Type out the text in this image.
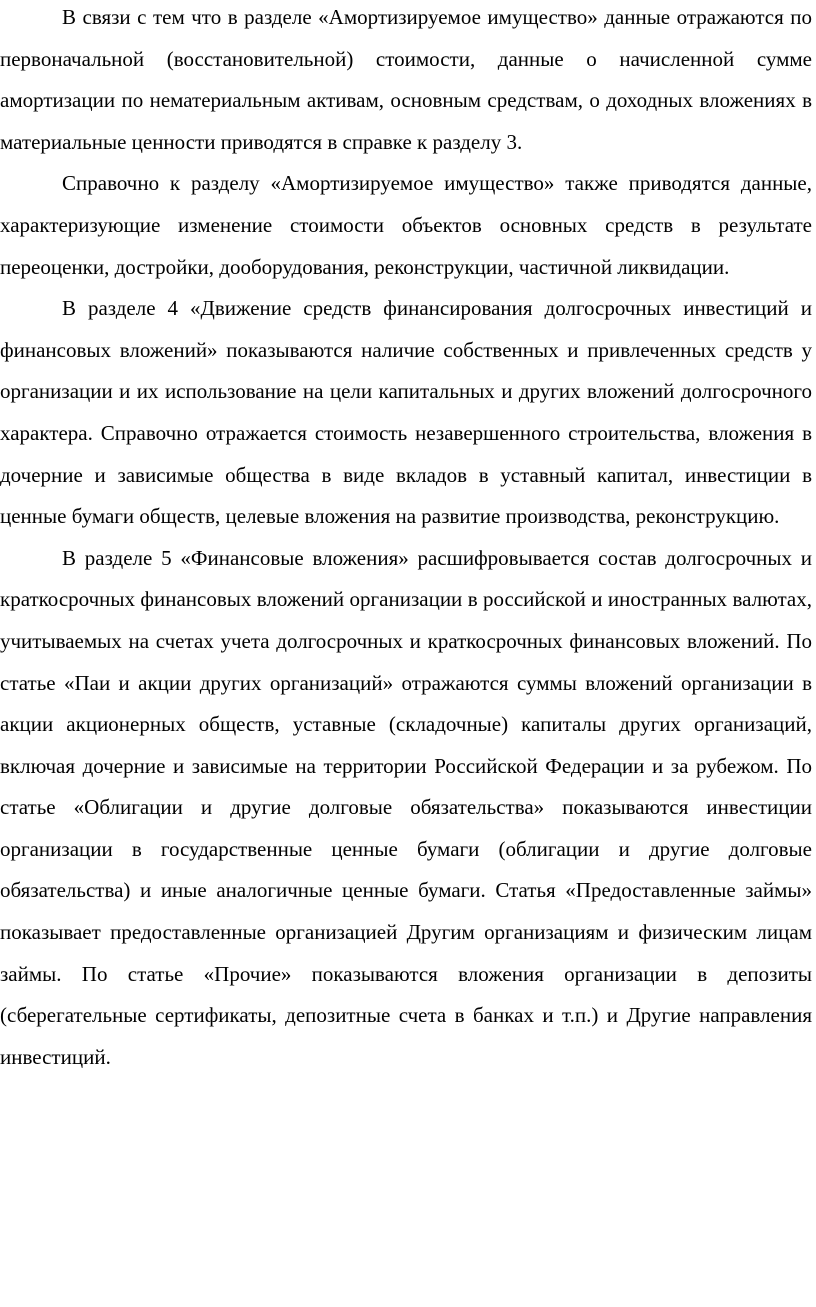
В связи с тем что в разделе «Амортизируемое имущество» данные отражаются по первоначальной (восстановительной) стоимости, данные о начисленной сумме амортизации по нематериальным активам, основным средствам, о доходных вложениях в материальные ценности приводятся в справке к разделу 3.

Справочно к разделу «Амортизируемое имущество» также приводятся данные, характеризующие изменение стоимости объектов основных средств в результате переоценки, достройки, дооборудования, реконструкции, частичной ликвидации.

В разделе 4 «Движение средств финансирования долгосрочных инвестиций и финансовых вложений» показываются наличие собственных и привлеченных средств у организации и их использование на цели капитальных и других вложений долгосрочного характера. Справочно отражается стоимость незавершенного строительства, вложения в дочерние и зависимые общества в виде вкладов в уставный капитал, инвестиции в ценные бумаги обществ, целевые вложения на развитие производства, реконструкцию.

В разделе 5 «Финансовые вложения» расшифровывается состав долгосрочных и краткосрочных финансовых вложений организации в российской и иностранных валютах, учитываемых на счетах учета долгосрочных и краткосрочных финансовых вложений. По статье «Паи и акции других организаций» отражаются суммы вложений организации в акции акционерных обществ, уставные (складочные) капиталы других организаций, включая дочерние и зависимые на территории Российской Федерации и за рубежом. По статье «Облигации и другие долговые обязательства» показываются инвестиции организации в государственные ценные бумаги (облигации и другие долговые обязательства) и иные аналогичные ценные бумаги. Статья «Предоставленные займы» показывает предоставленные организацией Другим организациям и физическим лицам займы. По статье «Прочие» показываются вложения организации в депозиты (сберегательные сертификаты, депозитные счета в банках и т.п.) и Другие направления инвестиций.
